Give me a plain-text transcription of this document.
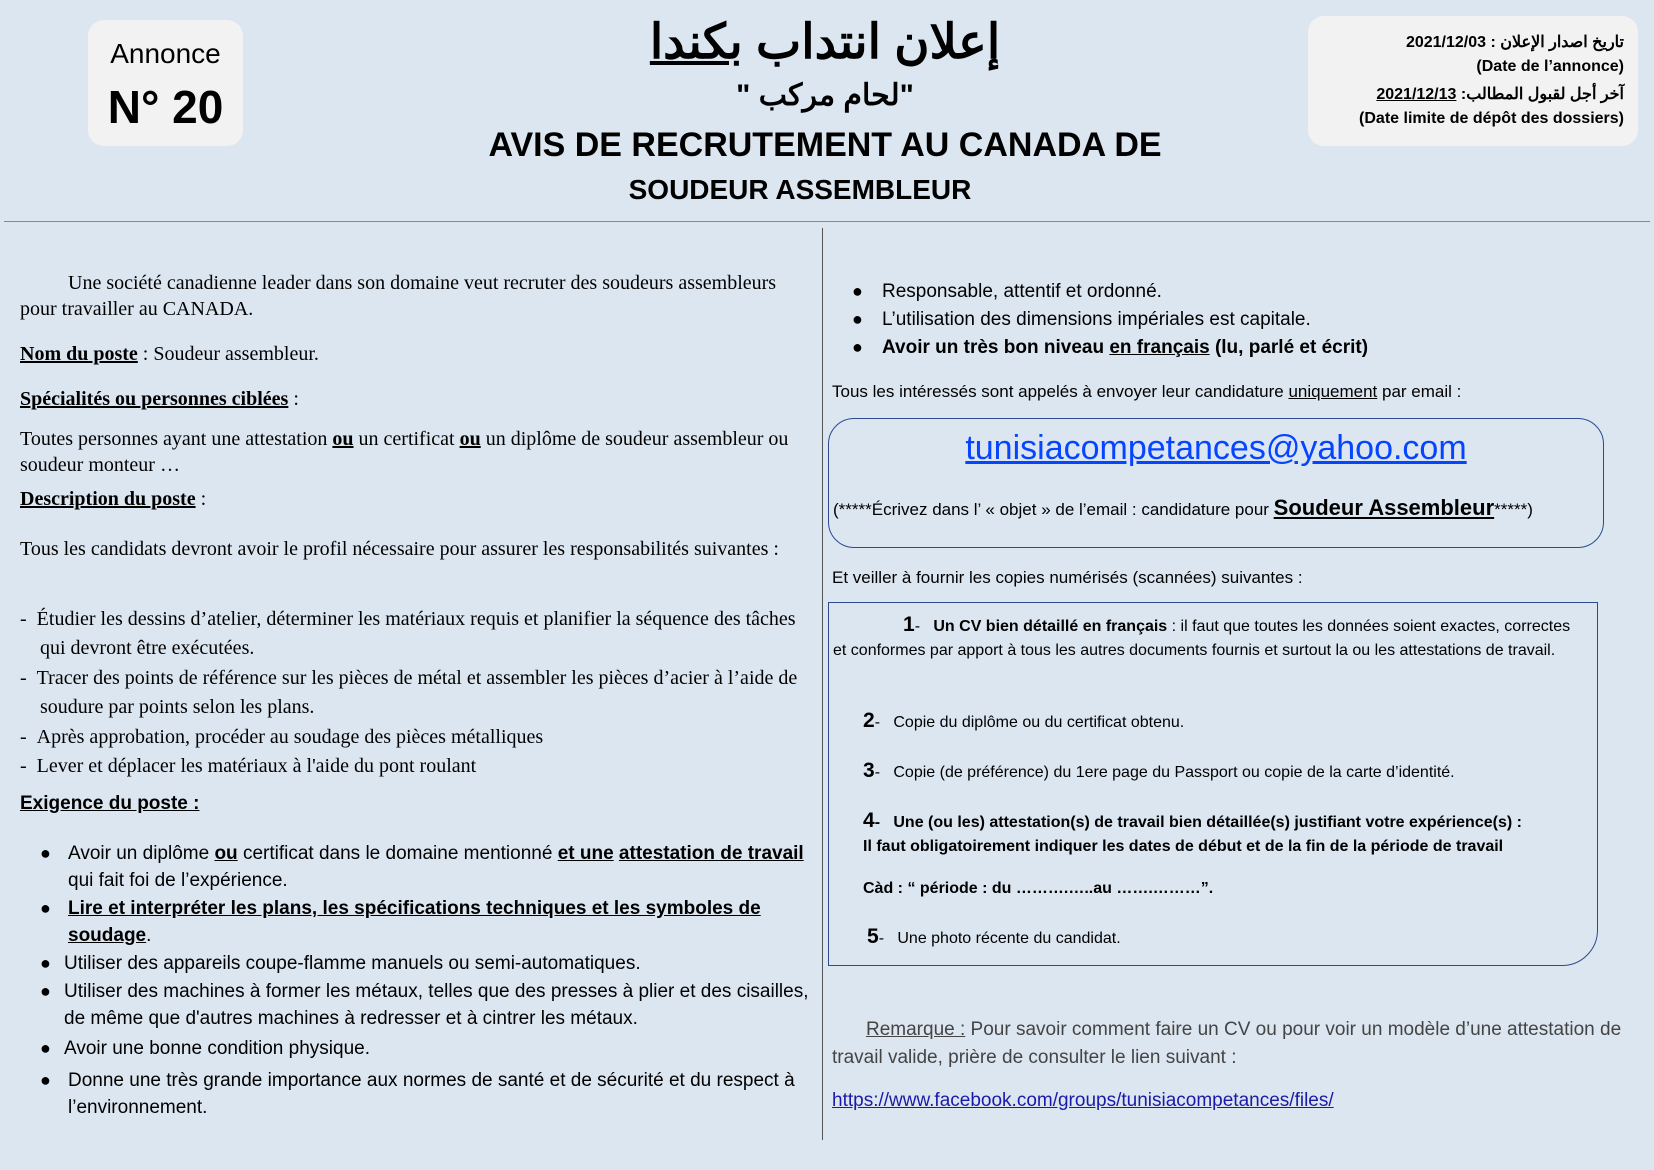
Annonce
N° 20
إعلان انتداب بكندا
"لحام مركب "
AVIS DE RECRUTEMENT AU CANADA DE
SOUDEUR ASSEMBLEUR
تاريخ اصدار الإعلان : 2021/12/03
(Date de l’annonce)
آخر أجل لقبول المطالب: 2021/12/13
(Date limite de dépôt des dossiers)

Une société canadienne leader dans son domaine veut recruter des soudeurs assembleurs pour travailler au CANADA.

Nom du poste : Soudeur assembleur.

Spécialités ou personnes ciblées :

Toutes personnes ayant une attestation ou un certificat ou un diplôme de soudeur assembleur ou soudeur monteur …

Description du poste :

Tous les candidats devront avoir le profil nécessaire pour assurer les responsabilités suivantes :

-  Étudier les dessins d’atelier, déterminer les matériaux requis et planifier la séquence des tâches qui devront être exécutées.
-  Tracer des points de référence sur les pièces de métal et assembler les pièces d’acier à l’aide de soudure par points selon les plans.
-  Après approbation, procéder au soudage des pièces métalliques
-  Lever et déplacer les matériaux à l'aide du pont roulant

Exigence du poste :

● Avoir un diplôme ou certificat dans le domaine mentionné et une attestation de travail qui fait foi de l’expérience.
● Lire et interpréter les plans, les spécifications techniques et les symboles de soudage.
● Utiliser des appareils coupe-flamme manuels ou semi-automatiques.
● Utiliser des machines à former les métaux, telles que des presses à plier et des cisailles, de même que d'autres machines à redresser et à cintrer les métaux.
● Avoir une bonne condition physique.
● Donne une très grande importance aux normes de santé et de sécurité et du respect à l’environnement.
● Responsable, attentif et ordonné.
● L’utilisation des dimensions impériales est capitale.
● Avoir un très bon niveau en français (lu, parlé et écrit)
Tous les intéressés sont appelés à envoyer leur candidature uniquement par email :
tunisiacompetances@yahoo.com
(*****Écrivez dans l’ « objet » de l’email : candidature pour Soudeur Assembleur*****)
Et veiller à fournir les copies numérisés (scannées) suivantes :
1- Un CV bien détaillé en français : il faut que toutes les données soient exactes, correctes et conformes par apport à tous les autres documents fournis et surtout la ou les attestations de travail.
2- Copie du diplôme ou du certificat obtenu.
3- Copie (de préférence) du 1ere page du Passport ou copie de la carte d’identité.
4- Une (ou les) attestation(s) de travail bien détaillée(s) justifiant votre expérience(s) :
Il faut obligatoirement indiquer les dates de début et de la fin de la période de travail
Càd : “ période : du ……….…..au …….………”.
5- Une photo récente du candidat.
Remarque : Pour savoir comment faire un CV ou pour voir un modèle d’une attestation de travail valide, prière de consulter le lien suivant :
https://www.facebook.com/groups/tunisiacompetances/files/
